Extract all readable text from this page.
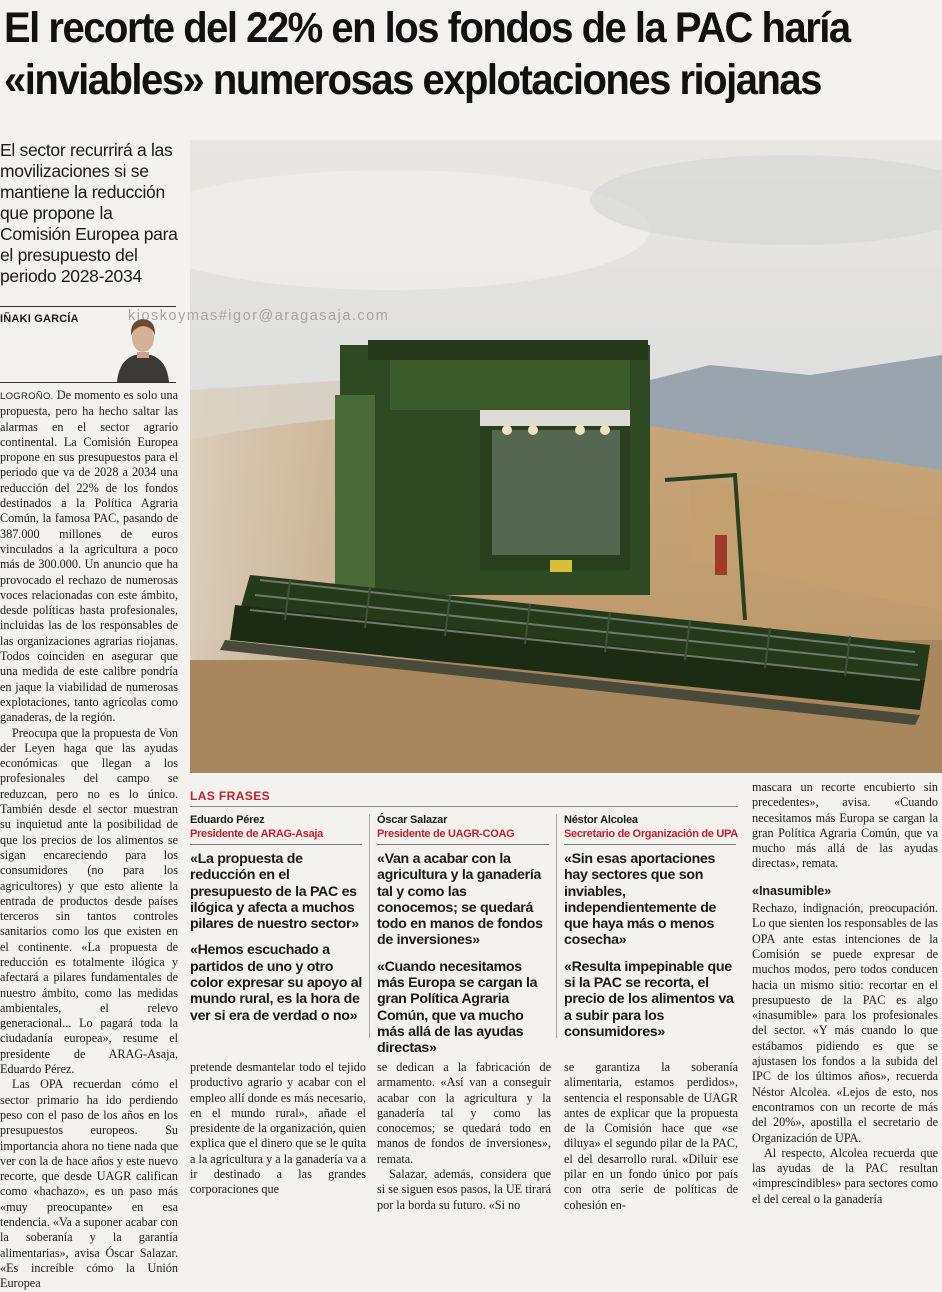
El recorte del 22% en los fondos de la PAC haría
«inviables» numerosas explotaciones riojanas
El sector recurrirá a las movilizaciones si se mantiene la reducción que propone la Comisión Europea para el presupuesto del periodo 2028-2034
IÑAKI GARCÍA	kioskoymas#igor@aragasaja.com

LOGROÑO. De momento es solo una propuesta, pero ha hecho saltar las alarmas en el sector agrario continental. La Comisión Europea propone en sus presupuestos para el periodo que va de 2028 a 2034 una reducción del 22% de los fondos destinados a la Política Agraria Común, la famosa PAC, pasando de 387.000 millones de euros vinculados a la agricultura a poco más de 300.000. Un anuncio que ha provocado el rechazo de numerosas voces relacionadas con este ámbito, desde políticas hasta profesionales, incluidas las de los responsables de las organizaciones agrarias riojanas. Todos coinciden en asegurar que una medida de este calibre pondría en jaque la viabilidad de numerosas explotaciones, tanto agrícolas como ganaderas, de la región.

Preocupa que la propuesta de Von der Leyen haga que las ayudas económicas que llegan a los profesionales del campo se reduzcan, pero no es lo único. También desde el sector muestran su inquietud ante la posibilidad de que los precios de los alimentos se sigan encareciendo para los consumidores (no para los agricultores) y que esto aliente la entrada de productos desde países terceros sin tantos controles sanitarios como los que existen en el continente. «La propuesta de reducción es totalmente ilógica y afectará a pilares fundamentales de nuestro ámbito, como las medidas ambientales, el relevo generacional... Lo pagará toda la ciudadanía europea», resume el presidente de ARAG-Asaja, Eduardo Pérez.

Las OPA recuerdan cómo el sector primario ha ido perdiendo peso con el paso de los años en los presupuestos europeos. Su importancia ahora no tiene nada que ver con la de hace años y este nuevo recorte, que desde UAGR califican como «hachazo», es un paso más «muy preocupante» en esa tendencia. «Va a suponer acabar con la soberanía y la garantía alimentarias», avisa Óscar Salazar. «Es increíble cómo la Unión Europea

LAS FRASES
Eduardo Pérez
Presidente de ARAG-Asaja

«La propuesta de reducción en el presupuesto de la PAC es ilógica y afecta a muchos pilares de nuestro sector»

«Hemos escuchado a partidos de uno y otro color expresar su apoyo al mundo rural, es la hora de ver si era de verdad o no»

Óscar Salazar
Presidente de UAGR-COAG

«Van a acabar con la agricultura y la ganadería tal y como las conocemos; se quedará todo en manos de fondos de inversiones»

«Cuando necesitamos más Europa se cargan la gran Política Agraria Común, que va mucho más allá de las ayudas directas»

Néstor Alcolea
Secretario de Organización de UPA

«Sin esas aportaciones hay sectores que son inviables, independientemente de que haya más o menos cosecha»

«Resulta impepinable que si la PAC se recorta, el precio de los alimentos va a subir para los consumidores»

pretende desmantelar todo el tejido productivo agrario y acabar con el empleo allí donde es más necesario, en el mundo rural», añade el presidente de la organización, quien explica que el dinero que se le quita a la agricultura y a la ganadería va a ir destinado a las grandes corporaciones que

se dedican a la fabricación de armamento. «Así van a conseguir acabar con la agricultura y la ganadería tal y como las conocemos; se quedará todo en manos de fondos de inversiones», remata.

Salazar, además, considera que si se siguen esos pasos, la UE tirará por la borda su futuro. «Si no

se garantiza la soberanía alimentaria, estamos perdidos», sentencia el responsable de UAGR antes de explicar que la propuesta de la Comisión hace que «se diluya» el segundo pilar de la PAC, el del desarrollo rural. «Diluir ese pilar en un fondo único por país con otra serie de políticas de cohesión en-

mascara un recorte encubierto sin precedentes», avisa. «Cuando necesitamos más Europa se cargan la gran Política Agraria Común, que va mucho más allá de las ayudas directas», remata.

«Inasumible»

Rechazo, indignación, preocupación. Lo que sienten los responsables de las OPA ante estas intenciones de la Comisión se puede expresar de muchos modos, pero todos conducen hacia un mismo sitio: recortar en el presupuesto de la PAC es algo «inasumible» para los profesionales del sector. «Y más cuando lo que estábamos pidiendo es que se ajustasen los fondos a la subida del IPC de los últimos años», recuerda Néstor Alcolea. «Lejos de esto, nos encontramos con un recorte de más del 20%», apostilla el secretario de Organización de UPA.

Al respecto, Alcolea recuerda que las ayudas de la PAC resultan «imprescindibles» para sectores como el del cereal o la ganadería
